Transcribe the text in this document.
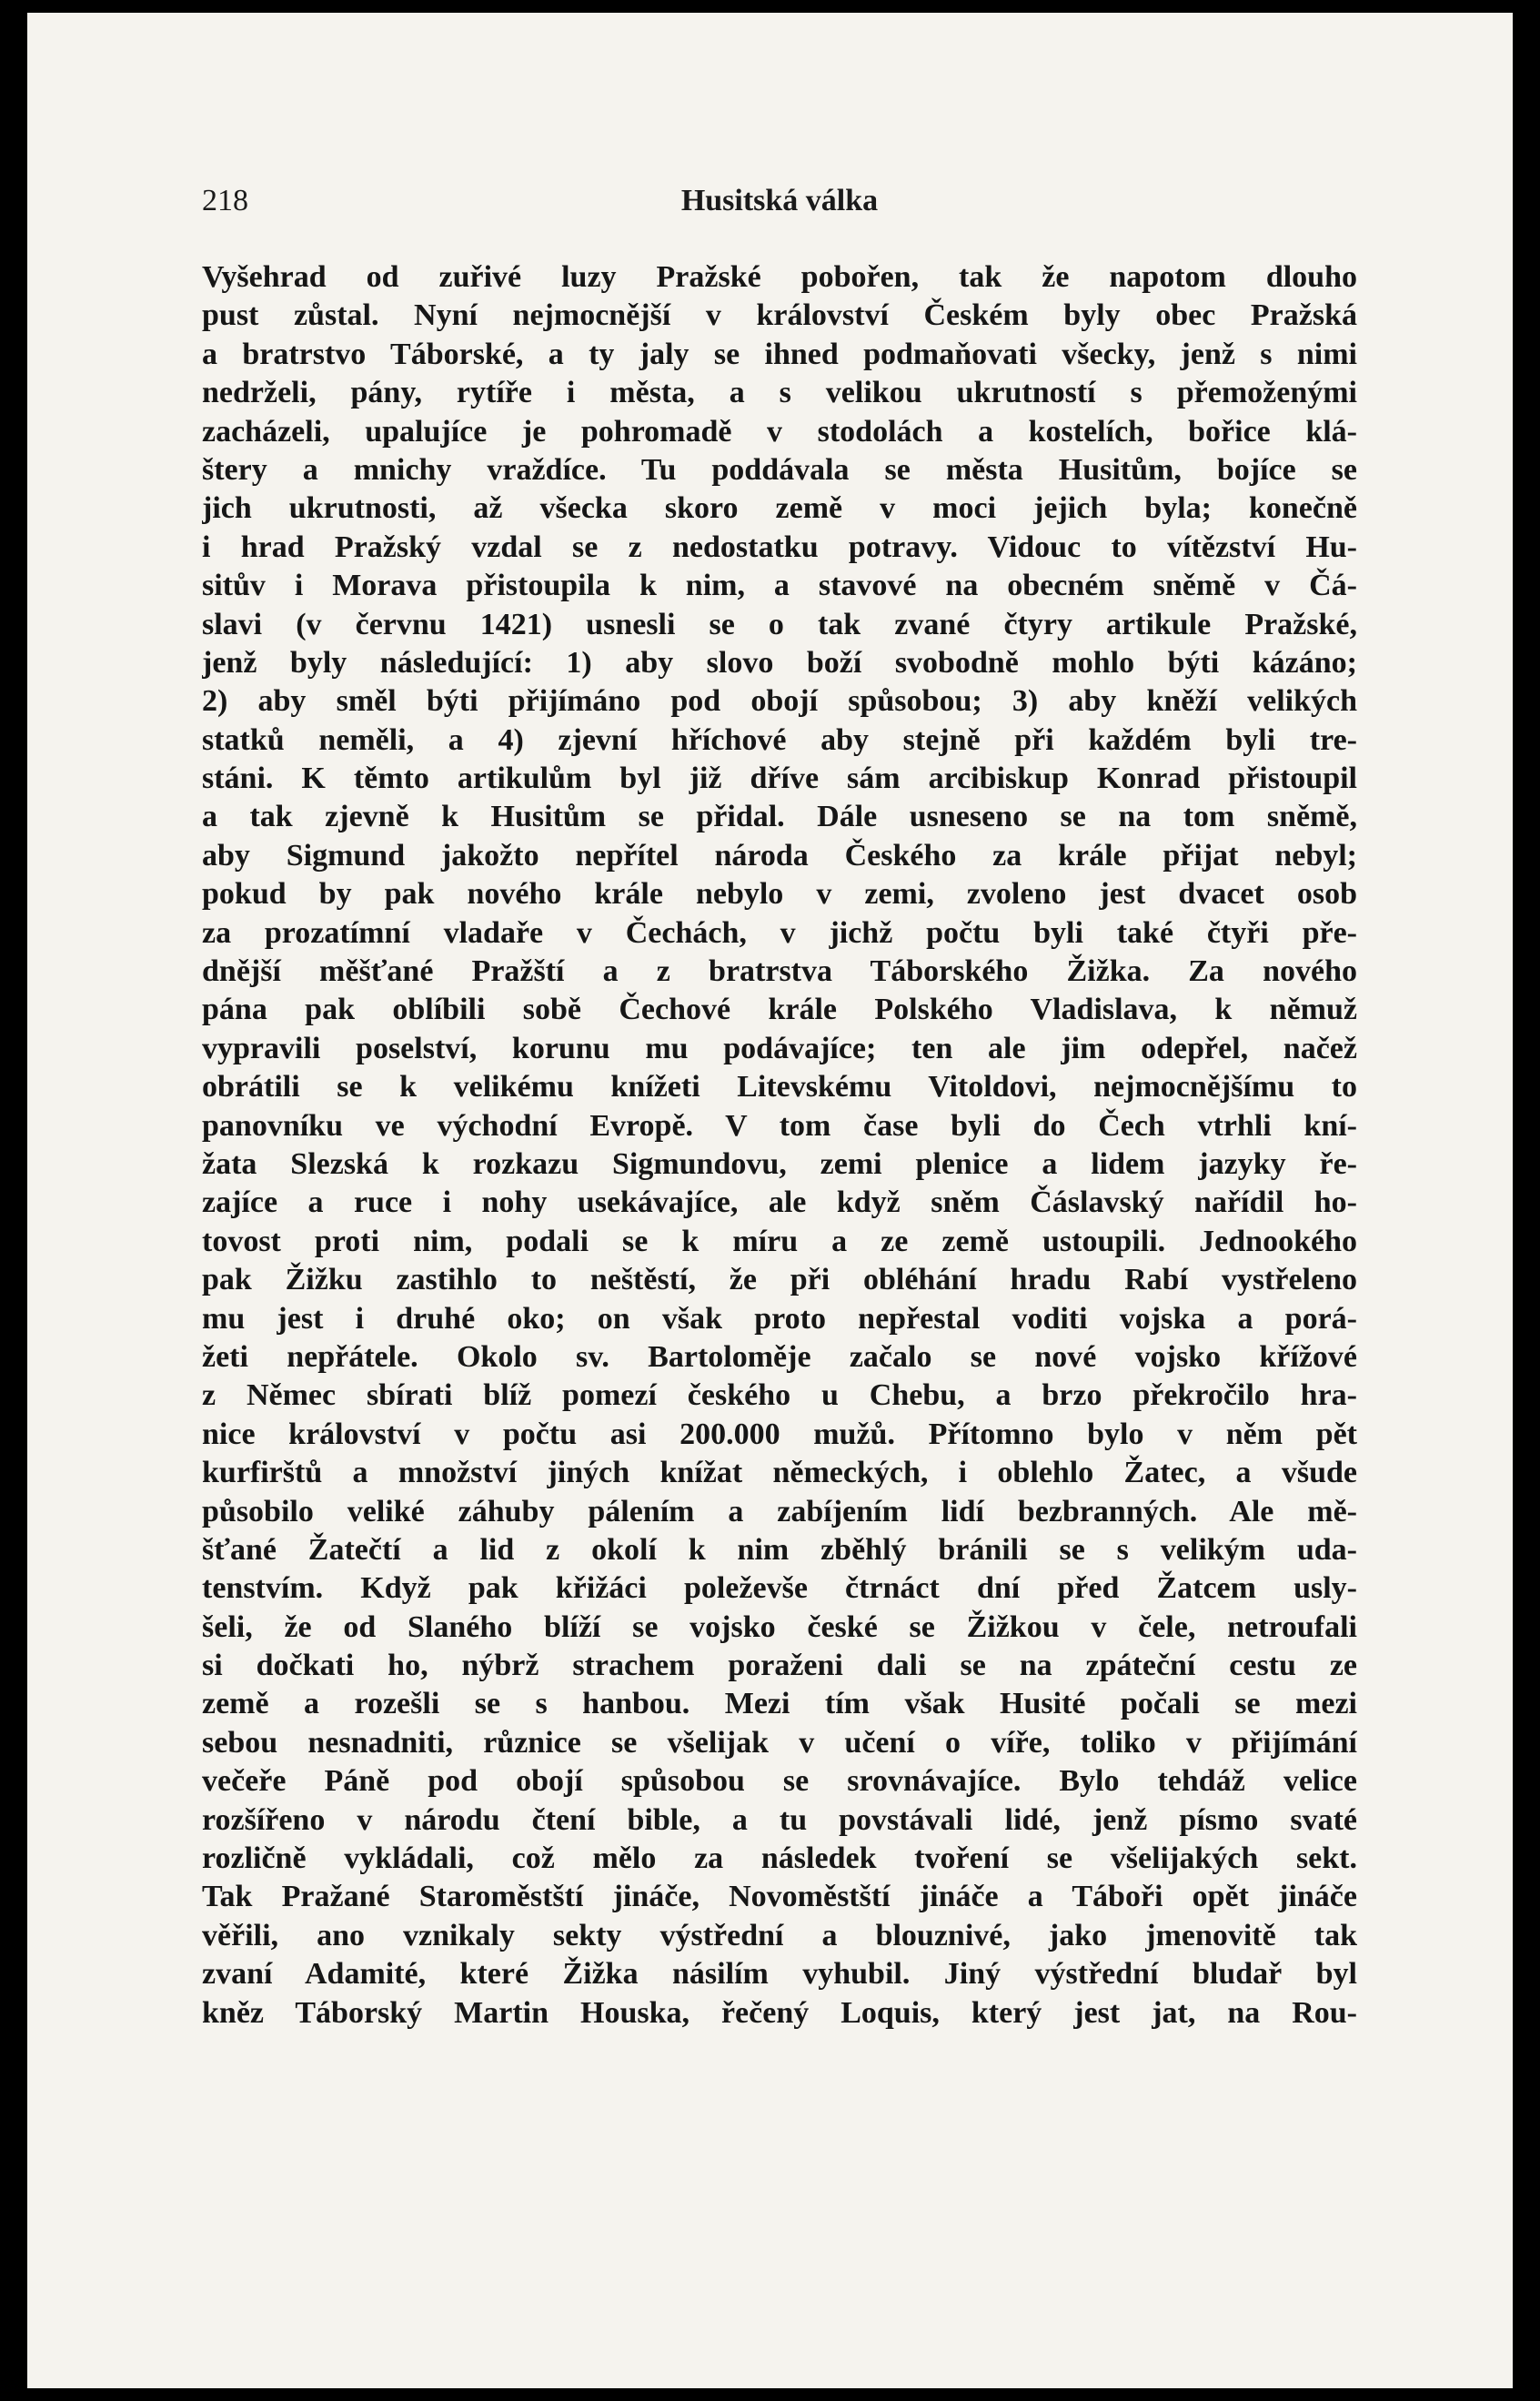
218	Husitská válka
Vyšehrad od zuřivé luzy Pražské pobořen, tak že napotom dlouho
pust zůstal. Nyní nejmocnější v království Českém byly obec Pražská
a bratrstvo Táborské, a ty jaly se ihned podmaňovati všecky, jenž s nimi
nedrželi, pány, rytíře i města, a s velikou ukrutností s přemoženými
zacházeli, upalujíce je pohromadě v stodolách a kostelích, bořice klá-
štery a mnichy vraždíce. Tu poddávala se města Husitům, bojíce se
jich ukrutnosti, až všecka skoro země v moci jejich byla; konečně
i hrad Pražský vzdal se z nedostatku potravy. Vidouc to vítězství Hu-
sitův i Morava přistoupila k nim, a stavové na obecném sněmě v Čá-
slavi (v červnu 1421) usnesli se o tak zvané čtyry artikule Pražské,
jenž byly následující: 1) aby slovo boží svobodně mohlo býti kázáno;
2) aby směl býti přijímáno pod obojí spůsobou; 3) aby kněží velikých
statků neměli, a 4) zjevní hříchové aby stejně při každém byli tre-
stáni. K těmto artikulům byl již dříve sám arcibiskup Konrad přistoupil
a tak zjevně k Husitům se přidal. Dále usneseno se na tom sněmě,
aby Sigmund jakožto nepřítel národa Českého za krále přijat nebyl;
pokud by pak nového krále nebylo v zemi, zvoleno jest dvacet osob
za prozatímní vladaře v Čechách, v jichž počtu byli také čtyři pře-
dnější měšťané Pražští a z bratrstva Táborského Žižka. Za nového
pána pak oblíbili sobě Čechové krále Polského Vladislava, k němuž
vypravili poselství, korunu mu podávajíce; ten ale jim odepřel, načež
obrátili se k velikému knížeti Litevskému Vitoldovi, nejmocnějšímu to
panovníku ve východní Evropě. V tom čase byli do Čech vtrhli kní-
žata Slezská k rozkazu Sigmundovu, zemi plenice a lidem jazyky ře-
zajíce a ruce i nohy usekávajíce, ale když sněm Čáslavský nařídil ho-
tovost proti nim, podali se k míru a ze země ustoupili. Jednookého
pak Žižku zastihlo to neštěstí, že při obléhání hradu Rabí vystřeleno
mu jest i druhé oko; on však proto nepřestal voditi vojska a porá-
žeti nepřátele. Okolo sv. Bartoloměje začalo se nové vojsko křížové
z Němec sbírati blíž pomezí českého u Chebu, a brzo překročilo hra-
nice království v počtu asi 200.000 mužů. Přítomno bylo v něm pět
kurfirštů a množství jiných knížat německých, i oblehlo Žatec, a všude
působilo veliké záhuby pálením a zabíjením lidí bezbranných. Ale mě-
šťané Žatečtí a lid z okolí k nim zběhlý bránili se s velikým uda-
tenstvím. Když pak křižáci poleževše čtrnáct dní před Žatcem usly-
šeli, že od Slaného blíží se vojsko české se Žižkou v čele, netroufali
si dočkati ho, nýbrž strachem poraženi dali se na zpáteční cestu ze
země a rozešli se s hanbou. Mezi tím však Husité počali se mezi
sebou nesnadniti, různice se všelijak v učení o víře, toliko v přijímání
večeře Páně pod obojí spůsobou se srovnávajíce. Bylo tehdáž velice
rozšířeno v národu čtení bible, a tu povstávali lidé, jenž písmo svaté
rozličně vykládali, což mělo za následek tvoření se všelijakých sekt.
Tak Pražané Staroměstští jináče, Novoměstští jináče a Táboři opět jináče
věřili, ano vznikaly sekty výstřední a blouznivé, jako jmenovitě tak
zvaní Adamité, které Žižka násilím vyhubil. Jiný výstřední bludař byl
kněz Táborský Martin Houska, řečený Loquis, který jest jat, na Rou-
